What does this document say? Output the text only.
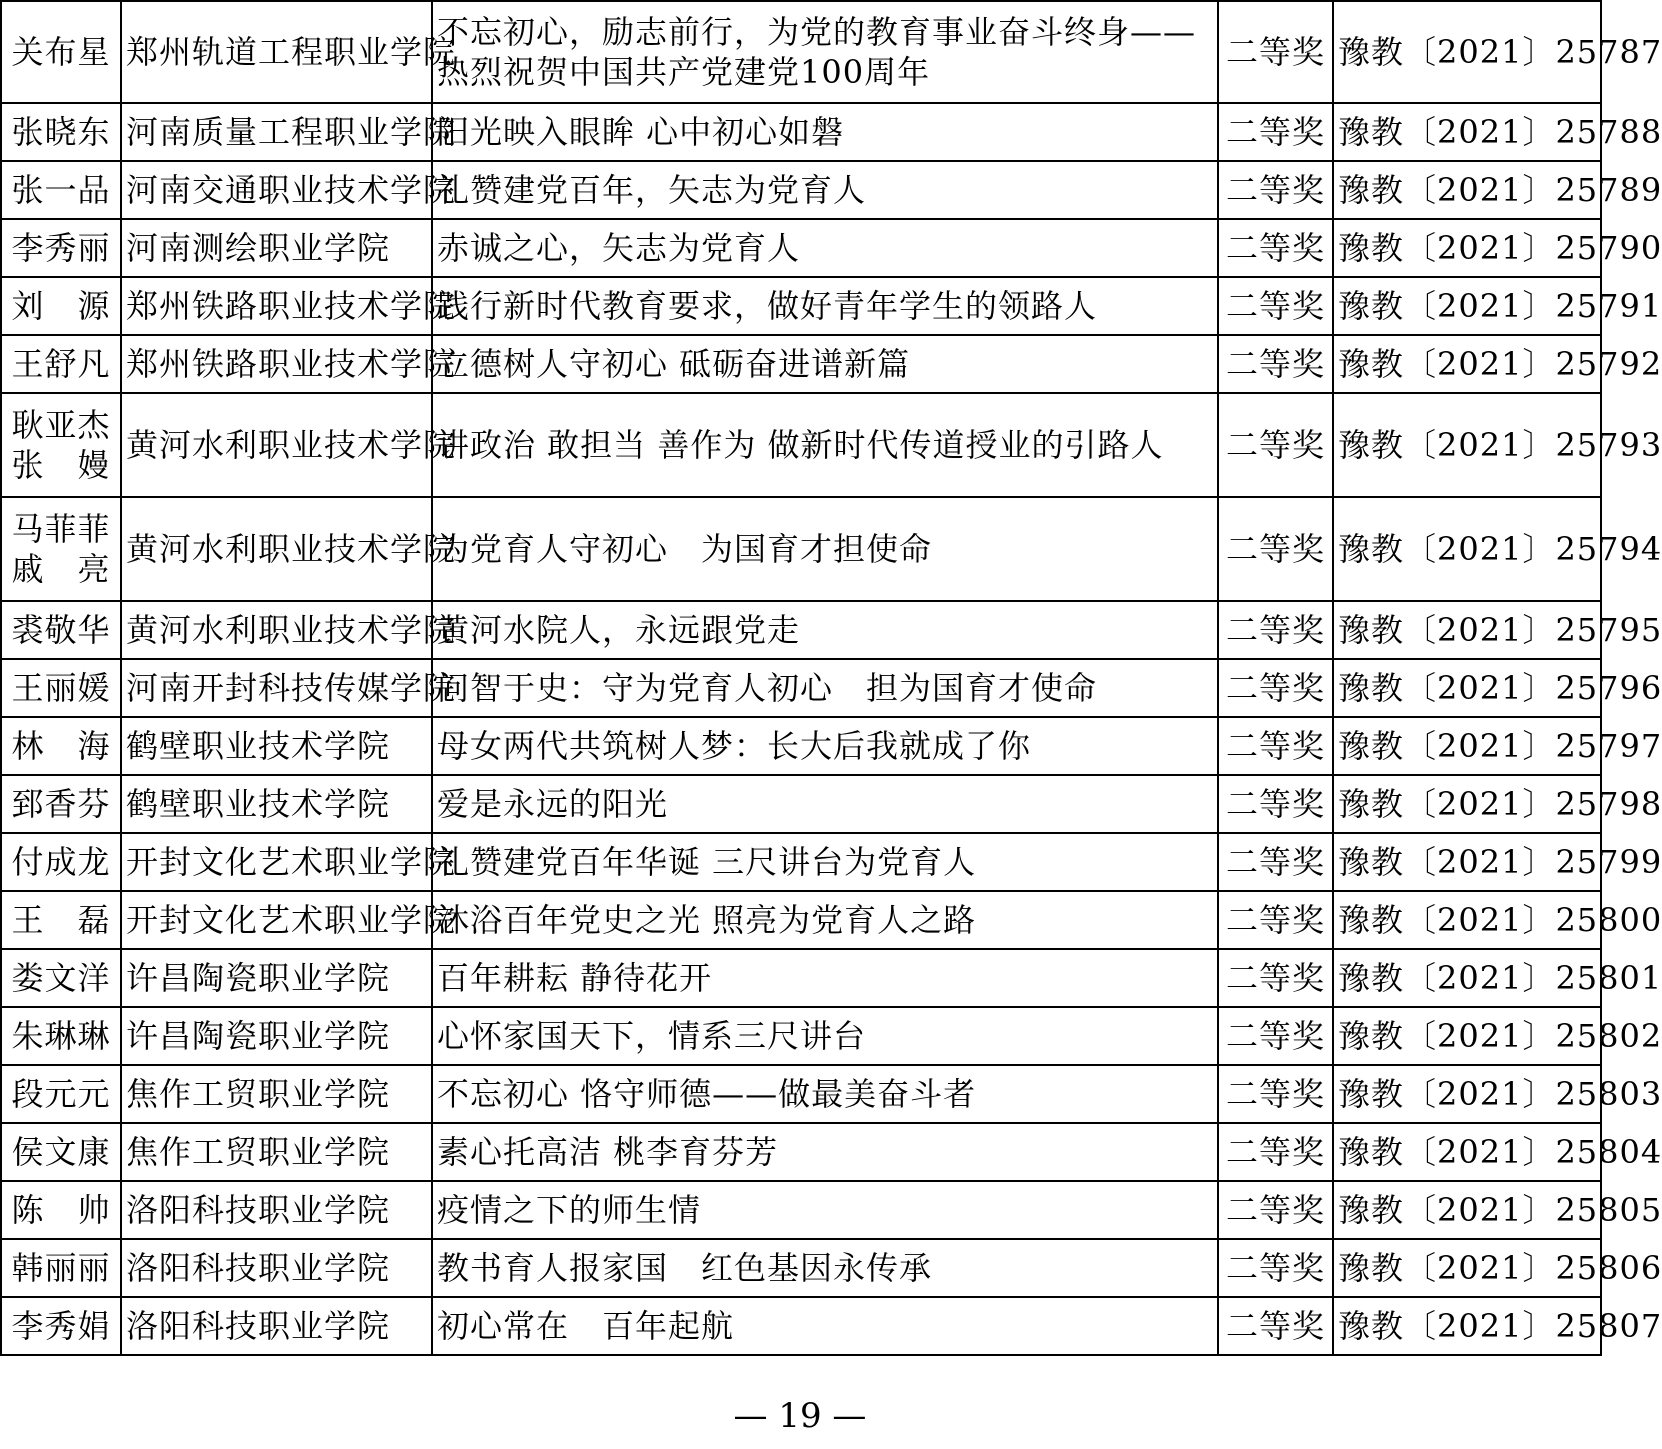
关布星	郑州轨道工程职业学院	不忘初心，励志前行，为党的教育事业奋斗终身——热烈祝贺中国共产党建党100周年	二等奖	豫教〔2021〕25787

张晓东	河南质量工程职业学院	阳光映入眼眸 心中初心如磐	二等奖	豫教〔2021〕25788

张一品	河南交通职业技术学院	礼赞建党百年，矢志为党育人	二等奖	豫教〔2021〕25789

李秀丽	河南测绘职业学院	赤诚之心，矢志为党育人	二等奖	豫教〔2021〕25790

刘　源	郑州铁路职业技术学院	践行新时代教育要求，做好青年学生的领路人	二等奖	豫教〔2021〕25791

王舒凡	郑州铁路职业技术学院	立德树人守初心 砥砺奋进谱新篇	二等奖	豫教〔2021〕25792

耿亚杰
张　嫚	黄河水利职业技术学院	讲政治 敢担当 善作为 做新时代传道授业的引路人	二等奖	豫教〔2021〕25793

马菲菲
戚　亮	黄河水利职业技术学院	为党育人守初心　为国育才担使命	二等奖	豫教〔2021〕25794

裘敬华	黄河水利职业技术学院	黄河水院人，永远跟党走	二等奖	豫教〔2021〕25795

王丽媛	河南开封科技传媒学院	问智于史：守为党育人初心　担为国育才使命	二等奖	豫教〔2021〕25796

林　海	鹤壁职业技术学院	母女两代共筑树人梦：长大后我就成了你	二等奖	豫教〔2021〕25797

郅香芬	鹤壁职业技术学院	爱是永远的阳光	二等奖	豫教〔2021〕25798

付成龙	开封文化艺术职业学院	礼赞建党百年华诞 三尺讲台为党育人	二等奖	豫教〔2021〕25799

王　磊	开封文化艺术职业学院	沐浴百年党史之光 照亮为党育人之路	二等奖	豫教〔2021〕25800

娄文洋	许昌陶瓷职业学院	百年耕耘 静待花开	二等奖	豫教〔2021〕25801

朱琳琳	许昌陶瓷职业学院	心怀家国天下，情系三尺讲台	二等奖	豫教〔2021〕25802

段元元	焦作工贸职业学院	不忘初心 恪守师德——做最美奋斗者	二等奖	豫教〔2021〕25803

侯文康	焦作工贸职业学院	素心托高洁 桃李育芬芳	二等奖	豫教〔2021〕25804

陈　帅	洛阳科技职业学院	疫情之下的师生情	二等奖	豫教〔2021〕25805

韩丽丽	洛阳科技职业学院	教书育人报家国　红色基因永传承	二等奖	豫教〔2021〕25806

李秀娟	洛阳科技职业学院	初心常在　百年起航	二等奖	豫教〔2021〕25807
— 19 —
